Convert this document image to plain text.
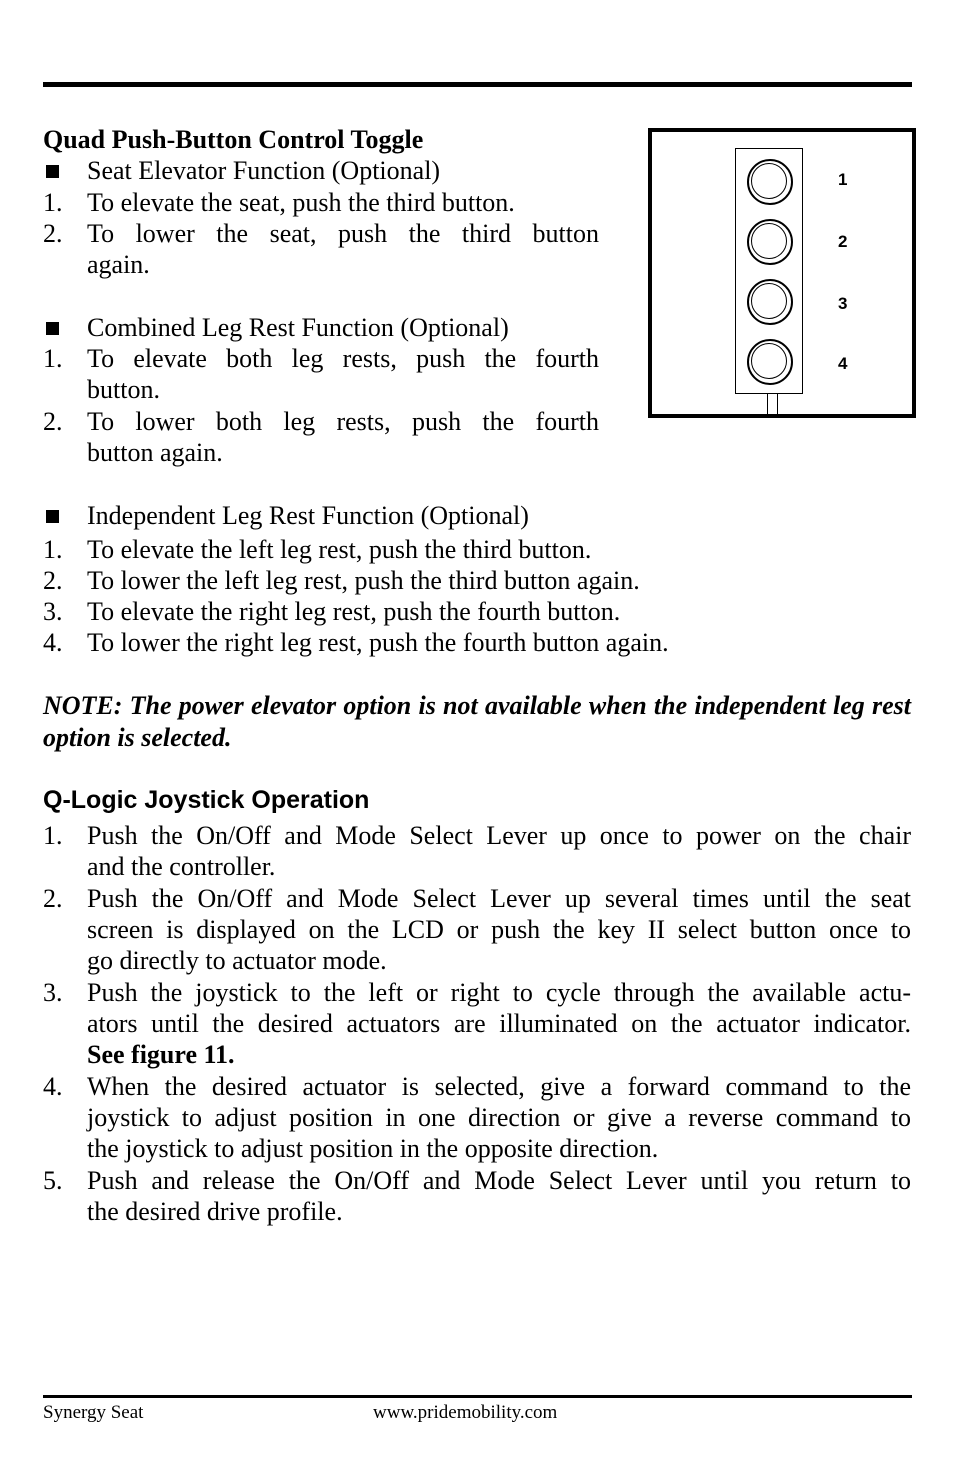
Quad Push-Button Control Toggle
Seat Elevator Function (Optional)
1. To elevate the seat, push the third button.
2. To lower the seat, push the third button
again.
Combined Leg Rest Function (Optional)
1. To elevate both leg rests, push the fourth
button.
2. To lower both leg rests, push the fourth
button again.
Independent Leg Rest Function (Optional)
1. To elevate the left leg rest, push the third button.
2. To lower the left leg rest, push the third button again.
3. To elevate the right leg rest, push the fourth button.
4. To lower the right leg rest, push the fourth button again.
NOTE: The power elevator option is not available when the independent leg rest option is selected.
1
2
3
4
Q-Logic Joystick Operation
1. Push the On/Off and Mode Select Lever up once to power on the chair
and the controller.
2. Push the On/Off and Mode Select Lever up several times until the seat
screen is displayed on the LCD or push the key II select button once to
go directly to actuator mode.
3. Push the joystick to the left or right to cycle through the available actu-
ators until the desired actuators are illuminated on the actuator indicator.
See figure 11.
4. When the desired actuator is selected, give a forward command to the
joystick to adjust position in one direction or give a reverse command to
the joystick to adjust position in the opposite direction.
5. Push and release the On/Off and Mode Select Lever until you return to
the desired drive profile.
Synergy Seat	www.pridemobility.com
